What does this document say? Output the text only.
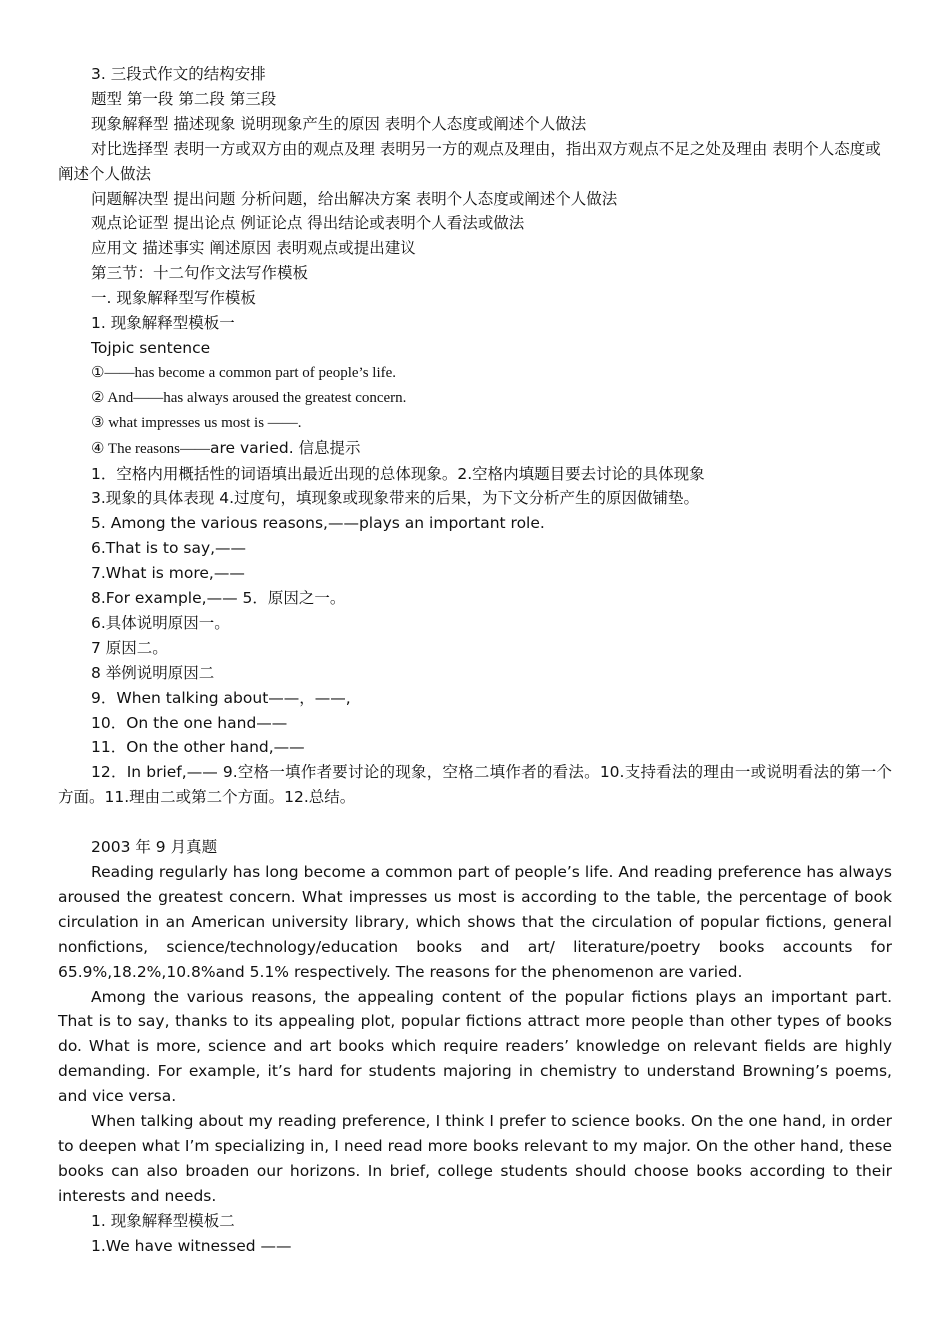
3. 三段式作文的结构安排

题型 第一段 第二段 第三段

现象解释型 描述现象 说明现象产生的原因 表明个人态度或阐述个人做法

对比选择型 表明一方或双方由的观点及理 表明另一方的观点及理由，指出双方观点不足之处及理由 表明个人态度或阐述个人做法

问题解决型 提出问题 分析问题，给出解决方案 表明个人态度或阐述个人做法

观点论证型 提出论点 例证论点 得出结论或表明个人看法或做法

应用文 描述事实 阐述原因 表明观点或提出建议

第三节：十二句作文法写作模板

一. 现象解释型写作模板

1. 现象解释型模板一

Tojpic sentence

①——has become a common part of people’s life.

② And——has always aroused the greatest concern.

③ what impresses us most is ——.

④ The reasons——are varied. 信息提示

1．空格内用概括性的词语填出最近出现的总体现象。2.空格内填题目要去讨论的具体现象

3.现象的具体表现 4.过度句，填现象或现象带来的后果，为下文分析产生的原因做铺垫。

5. Among the various reasons,——plays an important role.

6.That is to say,——

7.What is more,——

8.For example,—— 5．原因之一。

6.具体说明原因一。

7 原因二。

8 举例说明原因二

9．When talking about——，——,

10．On the one hand——

11．On the other hand,——

12．In brief,—— 9.空格一填作者要讨论的现象，空格二填作者的看法。10.支持看法的理由一或说明看法的第一个方面。11.理由二或第二个方面。12.总结。

2003 年 9 月真题

Reading regularly has long become a common part of people’s life. And reading preference has always aroused the greatest concern. What impresses us most is according to the table, the percentage of book circulation in an American university library, which shows that the circulation of popular fictions, general nonfictions, science/technology/education books and art/ literature/poetry books accounts for 65.9%,18.2%,10.8%and 5.1% respectively. The reasons for the phenomenon are varied.

Among the various reasons, the appealing content of the popular fictions plays an important part. That is to say, thanks to its appealing plot, popular fictions attract more people than other types of books do. What is more, science and art books which require readers’ knowledge on relevant fields are highly demanding. For example, it’s hard for students majoring in chemistry to understand Browning’s poems, and vice versa.

When talking about my reading preference, I think I prefer to science books. On the one hand, in order to deepen what I’m specializing in, I need read more books relevant to my major. On the other hand, these books can also broaden our horizons. In brief, college students should choose books according to their interests and needs.

1. 现象解释型模板二

1.We have witnessed ——
